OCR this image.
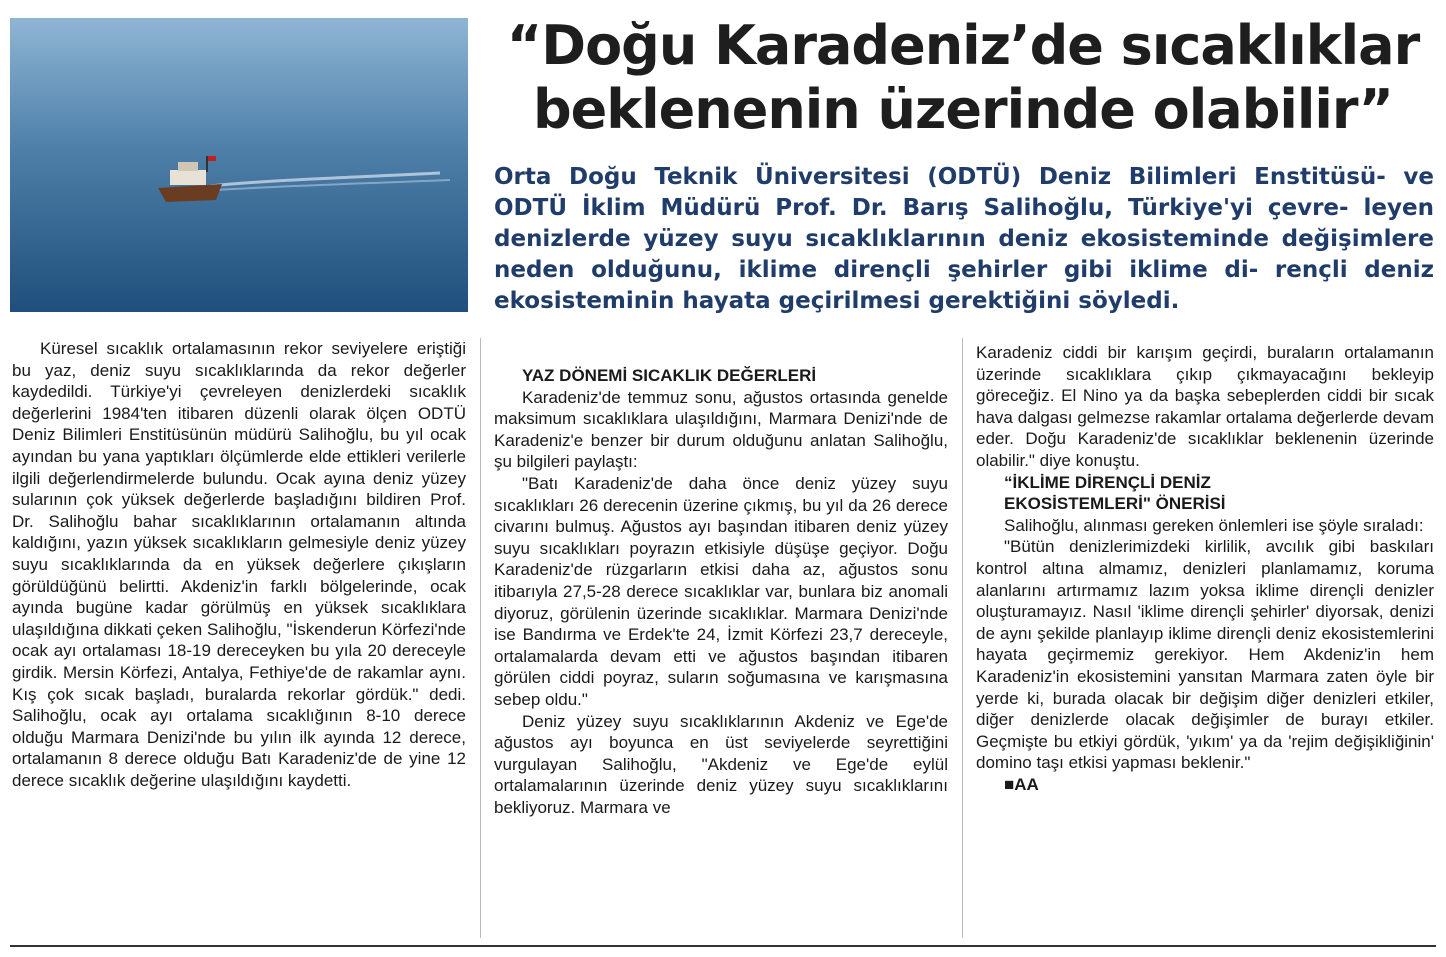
“Doğu Karadeniz’de sıcaklıklar
beklenenin üzerinde olabilir”

Orta Doğu Teknik Üniversitesi (ODTÜ) Deniz Bilimleri Enstitüsü- ve ODTÜ İklim Müdürü Prof. Dr. Barış Salihoğlu, Türkiye'yi çevre- leyen denizlerde yüzey suyu sıcaklıklarının deniz ekosisteminde değişimlere neden olduğunu, iklime dirençli şehirler gibi iklime di- rençli deniz ekosisteminin hayata geçirilmesi gerektiğini söyledi.

Küresel sıcaklık ortalamasının rekor seviyelere eriştiği bu yaz, deniz suyu sıcaklıklarında da rekor değerler kaydedildi. Türkiye'yi çevreleyen denizlerdeki sıcaklık değerlerini 1984'ten itibaren düzenli olarak ölçen ODTÜ Deniz Bilimleri Enstitüsünün müdürü Salihoğlu, bu yıl ocak ayından bu yana yaptıkları ölçümlerde elde ettikleri verilerle ilgili değerlendirmelerde bulundu. Ocak ayına deniz yüzey sularının çok yüksek değerlerde başladığını bildiren Prof. Dr. Salihoğlu bahar sıcaklıklarının ortalamanın altında kaldığını, yazın yüksek sıcaklıkların gelmesiyle deniz yüzey suyu sıcaklıklarında da en yüksek değerlere çıkışların görüldüğünü belirtti. Akdeniz'in farklı bölgelerinde, ocak ayında bugüne kadar görülmüş en yüksek sıcaklıklara ulaşıldığına dikkati çeken Salihoğlu, "İskenderun Körfezi'nde ocak ayı ortalaması 18-19 dereceyken bu yıla 20 dereceyle girdik. Mersin Körfezi, Antalya, Fethiye'de de rakamlar aynı. Kış çok sıcak başladı, buralarda rekorlar gördük." dedi. Salihoğlu, ocak ayı ortalama sıcaklığının 8-10 derece olduğu Marmara Denizi'nde bu yılın ilk ayında 12 derece, ortalamanın 8 derece olduğu Batı Karadeniz'de de yine 12 derece sıcaklık değerine ulaşıldığını kaydetti.

YAZ DÖNEMİ SICAKLIK DEĞERLERİ

Karadeniz'de temmuz sonu, ağustos ortasında genelde maksimum sıcaklıklara ulaşıldığını, Marmara Denizi'nde de Karadeniz'e benzer bir durum olduğunu anlatan Salihoğlu, şu bilgileri paylaştı:

"Batı Karadeniz'de daha önce deniz yüzey suyu sıcaklıkları 26 derecenin üzerine çıkmış, bu yıl da 26 derece civarını bulmuş. Ağustos ayı başından itibaren deniz yüzey suyu sıcaklıkları poyrazın etkisiyle düşüşe geçiyor. Doğu Karadeniz'de rüzgarların etkisi daha az, ağustos sonu itibarıyla 27,5-28 derece sıcaklıklar var, bunlara biz anomali diyoruz, görülenin üzerinde sıcaklıklar. Marmara Denizi'nde ise Bandırma ve Erdek'te 24, İzmit Körfezi 23,7 dereceyle, ortalamalarda devam etti ve ağustos başından itibaren görülen ciddi poyraz, suların soğumasına ve karışmasına sebep oldu."

Deniz yüzey suyu sıcaklıklarının Akdeniz ve Ege'de ağustos ayı boyunca en üst seviyelerde seyrettiğini vurgulayan Salihoğlu, "Akdeniz ve Ege'de eylül ortalamalarının üzerinde deniz yüzey suyu sıcaklıklarını bekliyoruz. Marmara ve

Karadeniz ciddi bir karışım geçirdi, buraların ortalamanın üzerinde sıcaklıklara çıkıp çıkmayacağını bekleyip göreceğiz. El Nino ya da başka sebeplerden ciddi bir sıcak hava dalgası gelmezse rakamlar ortalama değerlerde devam eder. Doğu Karadeniz'de sıcaklıklar beklenenin üzerinde olabilir." diye konuştu.

“İKLİME DİRENÇLİ DENİZ

EKOSİSTEMLERİ" ÖNERİSİ

Salihoğlu, alınması gereken önlemleri ise şöyle sıraladı:

"Bütün denizlerimizdeki kirlilik, avcılık gibi baskıları kontrol altına almamız, denizleri planlamamız, koruma alanlarını artırmamız lazım yoksa iklime dirençli denizler oluşturamayız. Nasıl 'iklime dirençli şehirler' diyorsak, denizi de aynı şekilde planlayıp iklime dirençli deniz ekosistemlerini hayata geçirmemiz gerekiyor. Hem Akdeniz'in hem Karadeniz'in ekosistemini yansıtan Marmara zaten öyle bir yerde ki, burada olacak bir değişim diğer denizleri etkiler, diğer denizlerde olacak değişimler de burayı etkiler. Geçmişte bu etkiyi gördük, 'yıkım' ya da 'rejim değişikliğinin' domino taşı etkisi yapması beklenir."

■AA
